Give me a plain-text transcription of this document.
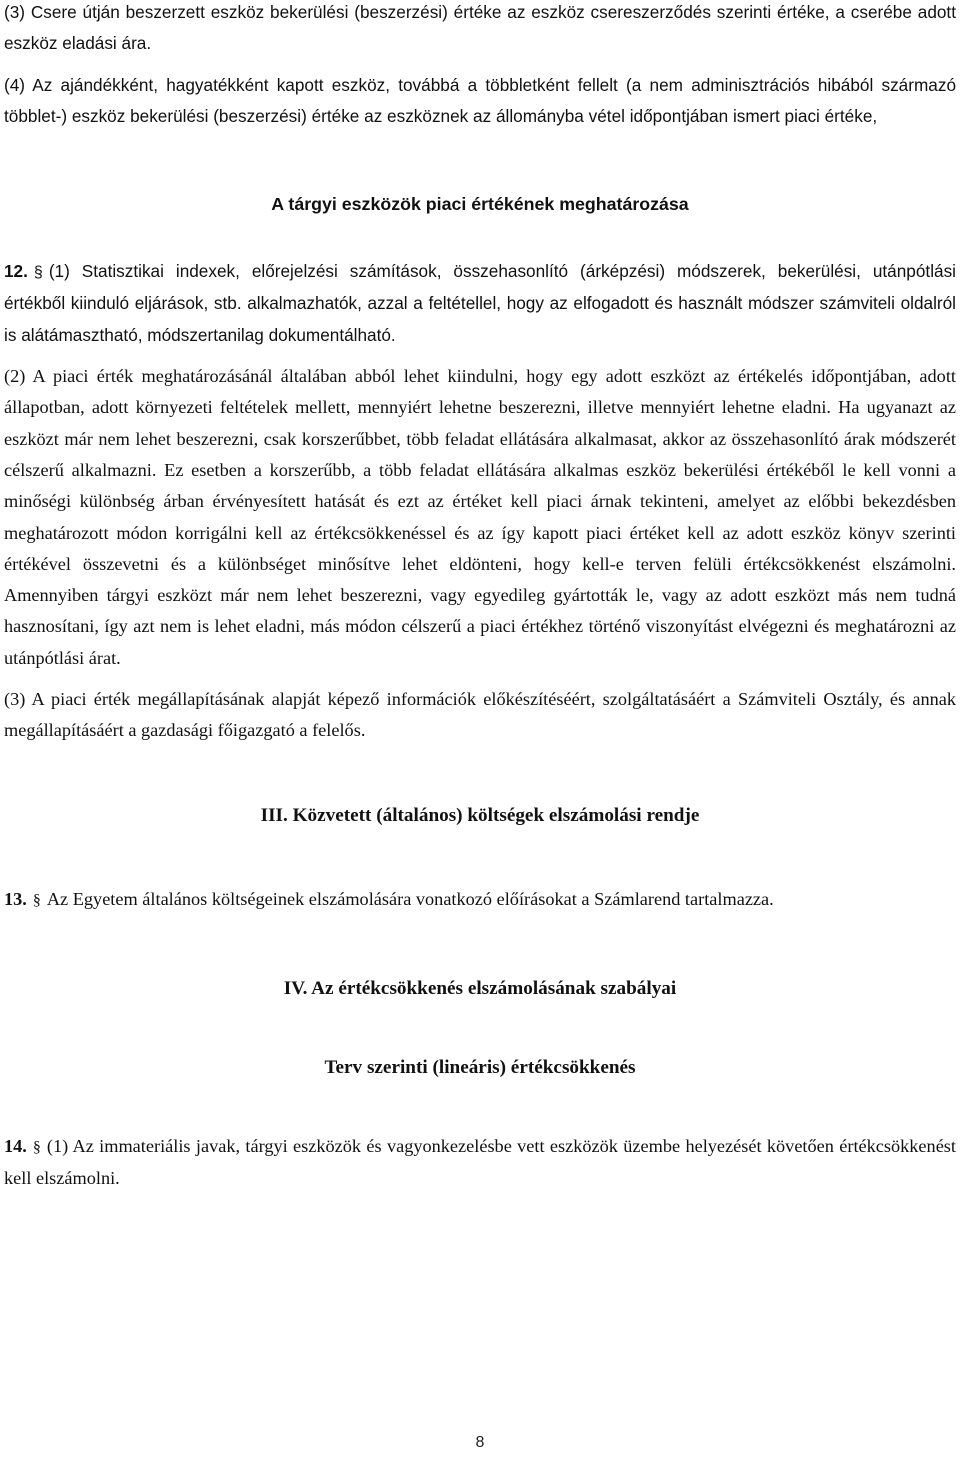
(3) Csere útján beszerzett eszköz bekerülési (beszerzési) értéke az eszköz csereszerződés szerinti értéke, a cserébe adott eszköz eladási ára.

(4) Az ajándékként, hagyatékként kapott eszköz, továbbá a többletként fellelt (a nem adminisztrációs hibából származó többlet-) eszköz bekerülési (beszerzési) értéke az eszköznek az állományba vétel időpontjában ismert piaci értéke,

A tárgyi eszközök piaci értékének meghatározása

12. § (1) Statisztikai indexek, előrejelzési számítások, összehasonlító (árképzési) módszerek, bekerülési, utánpótlási értékből kiinduló eljárások, stb. alkalmazhatók, azzal a feltétellel, hogy az elfogadott és használt módszer számviteli oldalról is alátámasztható, módszertanilag dokumentálható.

(2) A piaci érték meghatározásánál általában abból lehet kiindulni, hogy egy adott eszközt az értékelés időpontjában, adott állapotban, adott környezeti feltételek mellett, mennyiért lehetne beszerezni, illetve mennyiért lehetne eladni. Ha ugyanazt az eszközt már nem lehet beszerezni, csak korszerűbbet, több feladat ellátására alkalmasat, akkor az összehasonlító árak módszerét célszerű alkalmazni. Ez esetben a korszerűbb, a több feladat ellátására alkalmas eszköz bekerülési értékéből le kell vonni a minőségi különbség árban érvényesített hatását és ezt az értéket kell piaci árnak tekinteni, amelyet az előbbi bekezdésben meghatározott módon korrigálni kell az értékcsökkenéssel és az így kapott piaci értéket kell az adott eszköz könyv szerinti értékével összevetni és a különbséget minősítve lehet eldönteni, hogy kell-e terven felüli értékcsökkenést elszámolni. Amennyiben tárgyi eszközt már nem lehet beszerezni, vagy egyedileg gyártották le, vagy az adott eszközt más nem tudná hasznosítani, így azt nem is lehet eladni, más módon célszerű a piaci értékhez történő viszonyítást elvégezni és meghatározni az utánpótlási árat.

(3) A piaci érték megállapításának alapját képező információk előkészítéséért, szolgáltatásáért a Számviteli Osztály, és annak megállapításáért a gazdasági főigazgató a felelős.

III. Közvetett (általános) költségek elszámolási rendje

13. § Az Egyetem általános költségeinek elszámolására vonatkozó előírásokat a Számlarend tartalmazza.

IV. Az értékcsökkenés elszámolásának szabályai

Terv szerinti (lineáris) értékcsökkenés

14. § (1) Az immateriális javak, tárgyi eszközök és vagyonkezelésbe vett eszközök üzembe helyezését követően értékcsökkenést kell elszámolni.

8
